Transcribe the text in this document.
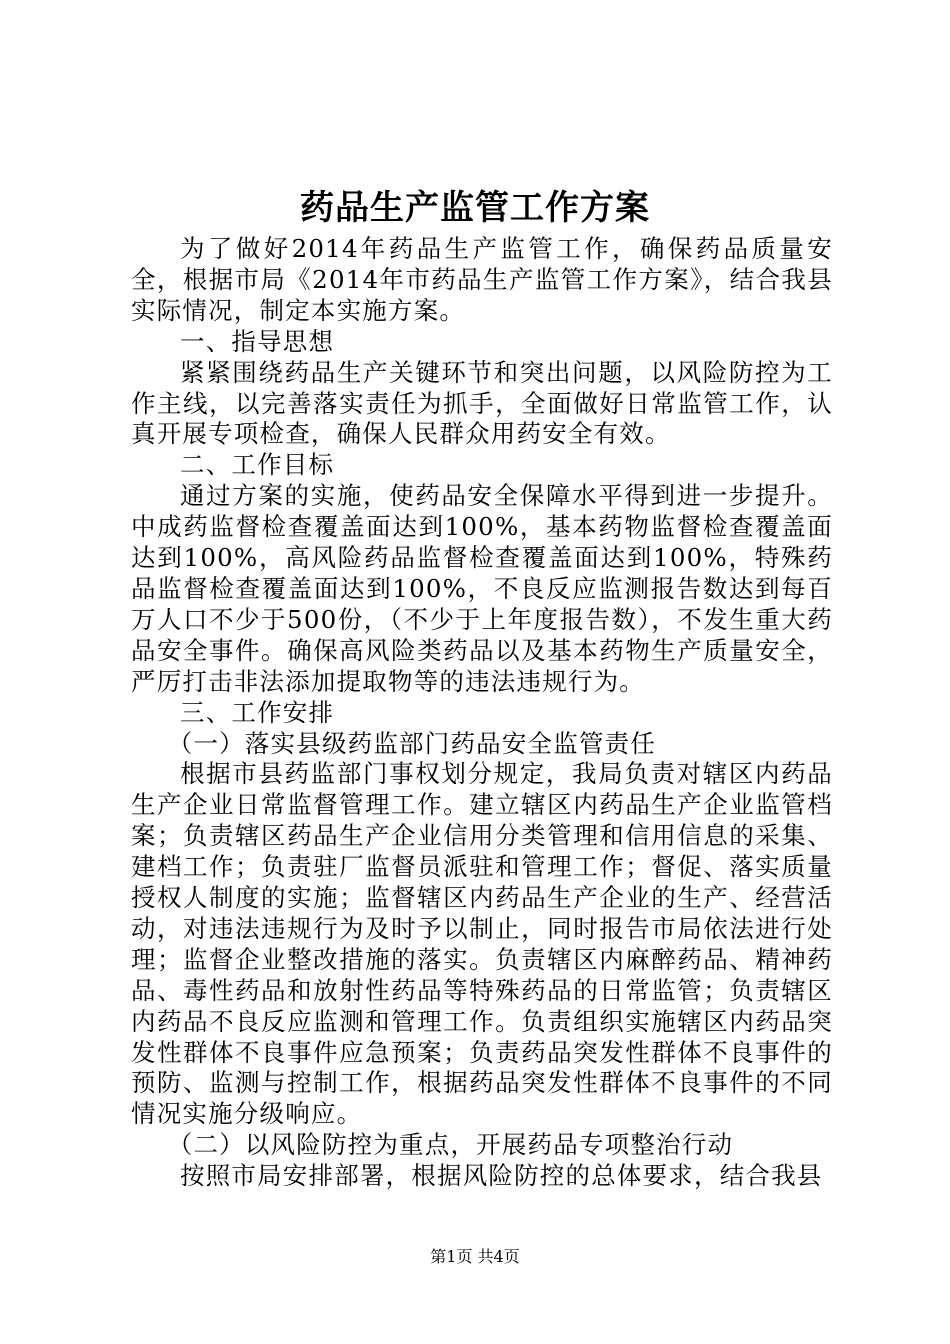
药品生产监管工作方案

为了做好2014年药品生产监管工作，确保药品质量安全，根据市局《2014年市药品生产监管工作方案》，结合我县实际情况，制定本实施方案。

一、指导思想

紧紧围绕药品生产关键环节和突出问题，以风险防控为工作主线，以完善落实责任为抓手，全面做好日常监管工作，认真开展专项检查，确保人民群众用药安全有效。

二、工作目标

通过方案的实施，使药品安全保障水平得到进一步提升。中成药监督检查覆盖面达到100%，基本药物监督检查覆盖面达到100%，高风险药品监督检查覆盖面达到100%，特殊药品监督检查覆盖面达到100%，不良反应监测报告数达到每百万人口不少于500份，（不少于上年度报告数），不发生重大药品安全事件。确保高风险类药品以及基本药物生产质量安全，严厉打击非法添加提取物等的违法违规行为。

三、工作安排

（一）落实县级药监部门药品安全监管责任

根据市县药监部门事权划分规定，我局负责对辖区内药品生产企业日常监督管理工作。建立辖区内药品生产企业监管档案；负责辖区药品生产企业信用分类管理和信用信息的采集、建档工作；负责驻厂监督员派驻和管理工作；督促、落实质量授权人制度的实施；监督辖区内药品生产企业的生产、经营活动，对违法违规行为及时予以制止，同时报告市局依法进行处理；监督企业整改措施的落实。负责辖区内麻醉药品、精神药品、毒性药品和放射性药品等特殊药品的日常监管；负责辖区内药品不良反应监测和管理工作。负责组织实施辖区内药品突发性群体不良事件应急预案；负责药品突发性群体不良事件的预防、监测与控制工作，根据药品突发性群体不良事件的不同情况实施分级响应。

（二）以风险防控为重点，开展药品专项整治行动

按照市局安排部署，根据风险防控的总体要求，结合我县

第1页 共4页
